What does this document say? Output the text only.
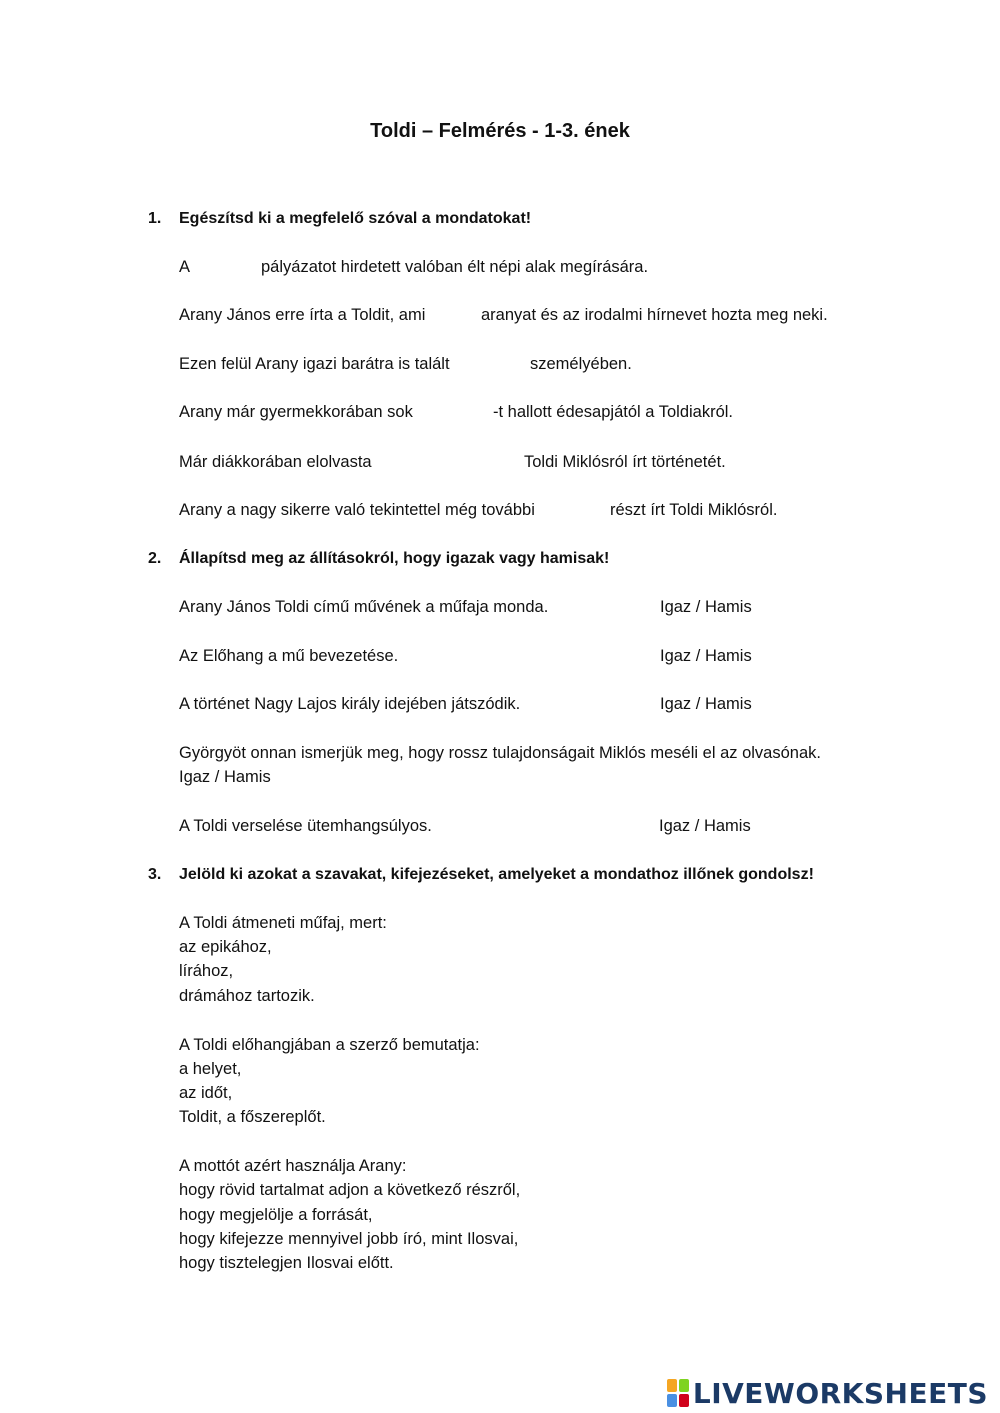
Toldi – Felmérés - 1-3. ének
1. Egészítsd ki a megfelelő szóval a mondatokat!
A	pályázatot hirdetett valóban élt népi alak megírására.
Arany János erre írta a Toldit, ami	aranyat és az irodalmi hírnevet hozta meg neki.
Ezen felül Arany igazi barátra is talált	személyében.
Arany már gyermekkorában sok	-t hallott édesapjától a Toldiakról.
Már diákkorában elolvasta	Toldi Miklósról írt történetét.
Arany a nagy sikerre való tekintettel még további	részt írt Toldi Miklósról.
2. Állapítsd meg az állításokról, hogy igazak vagy hamisak!
Arany János Toldi című művének a műfaja monda.	Igaz / Hamis
Az Előhang a mű bevezetése.	Igaz / Hamis
A történet Nagy Lajos király idejében játszódik.	Igaz / Hamis
Györgyöt onnan ismerjük meg, hogy rossz tulajdonságait Miklós meséli el az olvasónak.
Igaz / Hamis
A Toldi verselése ütemhangsúlyos.	Igaz / Hamis
3. Jelöld ki azokat a szavakat, kifejezéseket, amelyeket a mondathoz illőnek gondolsz!
A Toldi átmeneti műfaj, mert:
az epikához,
lírához,
drámához tartozik.
A Toldi előhangjában a szerző bemutatja:
a helyet,
az időt,
Toldit, a főszereplőt.
A mottót azért használja Arany:
hogy rövid tartalmat adjon a következő részről,
hogy megjelölje a forrását,
hogy kifejezze mennyivel jobb író, mint Ilosvai,
hogy tisztelegjen Ilosvai előtt.
LIVEWORKSHEETS
